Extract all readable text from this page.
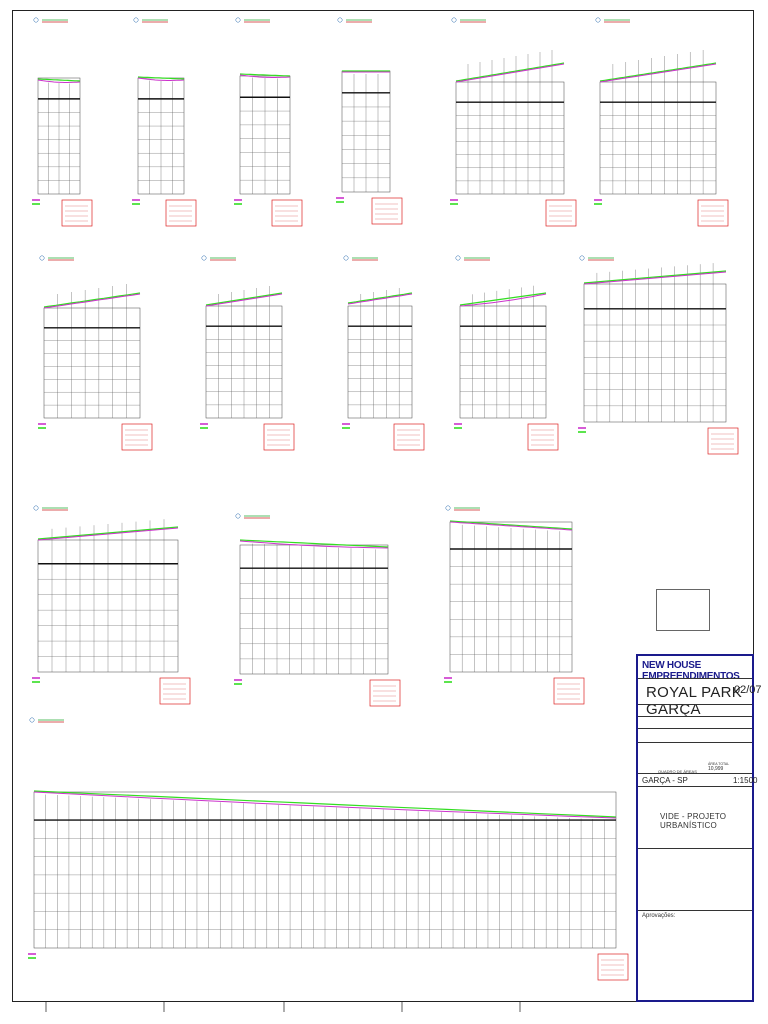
NEW HOUSE EMPREENDIMENTOS
ROYAL PARK GARÇA
02/07
ÁREA TOTAL
10,999
GARÇA - SP	1:1500
QUADRO DE ÁREAS
VIDE - PROJETO URBANÍSTICO
Aprovações:
